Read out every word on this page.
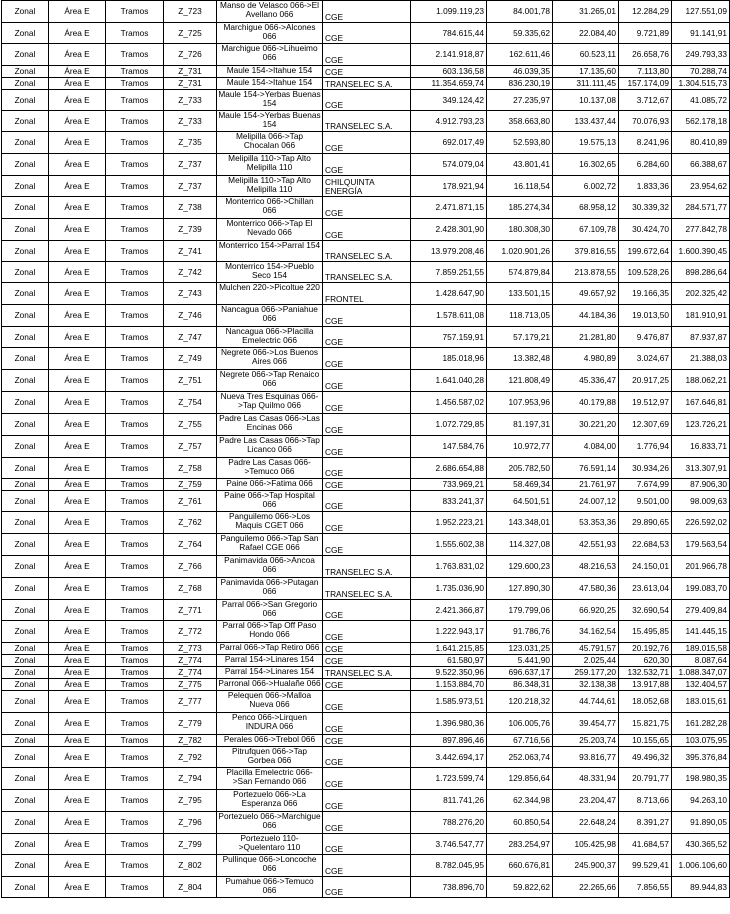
Zonal	Área E	Tramos	Z_723	Manso de Velasco 066->El Avellano 066	CGE	1.099.119,23	84.001,78	31.265,01	12.284,29	127.551,09
Zonal	Área E	Tramos	Z_725	Marchigue 066->Alcones 066	CGE	784.615,44	59.335,62	22.084,40	9.721,89	91.141,91
Zonal	Área E	Tramos	Z_726	Marchigue 066->Lihueimo 066	CGE	2.141.918,87	162.611,46	60.523,11	26.658,76	249.793,33
Zonal	Área E	Tramos	Z_731	Maule 154->Itahue 154	CGE	603.136,58	46.039,35	17.135,60	7.113,80	70.288,74
Zonal	Área E	Tramos	Z_731	Maule 154->Itahue 154	TRANSELEC S.A.	11.354.659,74	836.230,19	311.111,45	157.174,09	1.304.515,73
Zonal	Área E	Tramos	Z_733	Maule 154->Yerbas Buenas 154	CGE	349.124,42	27.235,97	10.137,08	3.712,67	41.085,72
Zonal	Área E	Tramos	Z_733	Maule 154->Yerbas Buenas 154	TRANSELEC S.A.	4.912.793,23	358.663,80	133.437,44	70.076,93	562.178,18
Zonal	Área E	Tramos	Z_735	Melipilla 066->Tap Chocalan 066	CGE	692.017,49	52.593,80	19.575,13	8.241,96	80.410,89
Zonal	Área E	Tramos	Z_737	Melipilla 110->Tap Alto Melipilla 110	CGE	574.079,04	43.801,41	16.302,65	6.284,60	66.388,67
Zonal	Área E	Tramos	Z_737	Melipilla 110->Tap Alto Melipilla 110	CHILQUINTA ENERGÍA	178.921,94	16.118,54	6.002,72	1.833,36	23.954,62
Zonal	Área E	Tramos	Z_738	Monterrico 066->Chillan 066	CGE	2.471.871,15	185.274,34	68.958,12	30.339,32	284.571,77
Zonal	Área E	Tramos	Z_739	Monterrico 066->Tap El Nevado 066	CGE	2.428.301,90	180.308,30	67.109,78	30.424,70	277.842,78
Zonal	Área E	Tramos	Z_741	Monterrico 154->Parral 154	TRANSELEC S.A.	13.979.208,46	1.020.901,26	379.816,55	199.672,64	1.600.390,45
Zonal	Área E	Tramos	Z_742	Monterrico 154->Pueblo Seco 154	TRANSELEC S.A.	7.859.251,55	574.879,84	213.878,55	109.528,26	898.286,64
Zonal	Área E	Tramos	Z_743	Mulchen 220->Picoltue 220	FRONTEL	1.428.647,90	133.501,15	49.657,92	19.166,35	202.325,42
Zonal	Área E	Tramos	Z_746	Nancagua 066->Paniahue 066	CGE	1.578.611,08	118.713,05	44.184,36	19.013,50	181.910,91
Zonal	Área E	Tramos	Z_747	Nancagua 066->Placilla Emelectric 066	CGE	757.159,91	57.179,21	21.281,80	9.476,87	87.937,87
Zonal	Área E	Tramos	Z_749	Negrete 066->Los Buenos Aires 066	CGE	185.018,96	13.382,48	4.980,89	3.024,67	21.388,03
Zonal	Área E	Tramos	Z_751	Negrete 066->Tap Renaico 066	CGE	1.641.040,28	121.808,49	45.336,47	20.917,25	188.062,21
Zonal	Área E	Tramos	Z_754	Nueva Tres Esquinas 066->Tap Quilmo 066	CGE	1.456.587,02	107.953,96	40.179,88	19.512,97	167.646,81
Zonal	Área E	Tramos	Z_755	Padre Las Casas 066->Las Encinas 066	CGE	1.072.729,85	81.197,31	30.221,20	12.307,69	123.726,21
Zonal	Área E	Tramos	Z_757	Padre Las Casas 066->Tap Licanco 066	CGE	147.584,76	10.972,77	4.084,00	1.776,94	16.833,71
Zonal	Área E	Tramos	Z_758	Padre Las Casas 066->Temuco 066	CGE	2.686.654,88	205.782,50	76.591,14	30.934,26	313.307,91
Zonal	Área E	Tramos	Z_759	Paine 066->Fatima 066	CGE	733.969,21	58.469,34	21.761,97	7.674,99	87.906,30
Zonal	Área E	Tramos	Z_761	Paine 066->Tap Hospital 066	CGE	833.241,37	64.501,51	24.007,12	9.501,00	98.009,63
Zonal	Área E	Tramos	Z_762	Panguilemo 066->Los Maquis CGET 066	CGE	1.952.223,21	143.348,01	53.353,36	29.890,65	226.592,02
Zonal	Área E	Tramos	Z_764	Panguilemo 066->Tap San Rafael CGE 066	CGE	1.555.602,38	114.327,08	42.551,93	22.684,53	179.563,54
Zonal	Área E	Tramos	Z_766	Panimavida 066->Ancoa 066	TRANSELEC S.A.	1.763.831,02	129.600,23	48.216,53	24.150,01	201.966,78
Zonal	Área E	Tramos	Z_768	Panimavida 066->Putagan 066	TRANSELEC S.A.	1.735.036,90	127.890,30	47.580,36	23.613,04	199.083,70
Zonal	Área E	Tramos	Z_771	Parral 066->San Gregorio 066	CGE	2.421.366,87	179.799,06	66.920,25	32.690,54	279.409,84
Zonal	Área E	Tramos	Z_772	Parral 066->Tap Off Paso Hondo 066	CGE	1.222.943,17	91.786,76	34.162,54	15.495,85	141.445,15
Zonal	Área E	Tramos	Z_773	Parral 066->Tap Retiro 066	CGE	1.641.215,85	123.031,25	45.791,57	20.192,76	189.015,58
Zonal	Área E	Tramos	Z_774	Parral 154->Linares 154	CGE	61.580,97	5.441,90	2.025,44	620,30	8.087,64
Zonal	Área E	Tramos	Z_774	Parral 154->Linares 154	TRANSELEC S.A.	9.522.350,96	696.637,17	259.177,20	132.532,71	1.088.347,07
Zonal	Área E	Tramos	Z_775	Parronal 066->Hualañe 066	CGE	1.153.884,70	86.348,31	32.138,38	13.917,88	132.404,57
Zonal	Área E	Tramos	Z_777	Pelequen 066->Malloa Nueva 066	CGE	1.585.973,51	120.218,32	44.744,61	18.052,68	183.015,61
Zonal	Área E	Tramos	Z_779	Penco 066->Lirquen INDURA 066	CGE	1.396.980,36	106.005,76	39.454,77	15.821,75	161.282,28
Zonal	Área E	Tramos	Z_782	Perales 066->Trebol 066	CGE	897.896,46	67.716,56	25.203,74	10.155,65	103.075,95
Zonal	Área E	Tramos	Z_792	Pitrufquen 066->Tap Gorbea 066	CGE	3.442.694,17	252.063,74	93.816,77	49.496,32	395.376,84
Zonal	Área E	Tramos	Z_794	Placilla Emelectric 066->San Fernando 066	CGE	1.723.599,74	129.856,64	48.331,94	20.791,77	198.980,35
Zonal	Área E	Tramos	Z_795	Portezuelo 066->La Esperanza 066	CGE	811.741,26	62.344,98	23.204,47	8.713,66	94.263,10
Zonal	Área E	Tramos	Z_796	Portezuelo 066->Marchigue 066	CGE	788.276,20	60.850,54	22.648,24	8.391,27	91.890,05
Zonal	Área E	Tramos	Z_799	Portezuelo 110->Quelentaro 110	CGE	3.746.547,77	283.254,97	105.425,98	41.684,57	430.365,52
Zonal	Área E	Tramos	Z_802	Pullinque 066->Loncoche 066	CGE	8.782.045,95	660.676,81	245.900,37	99.529,41	1.006.106,60
Zonal	Área E	Tramos	Z_804	Pumahue 066->Temuco 066	CGE	738.896,70	59.822,62	22.265,66	7.856,55	89.944,83
